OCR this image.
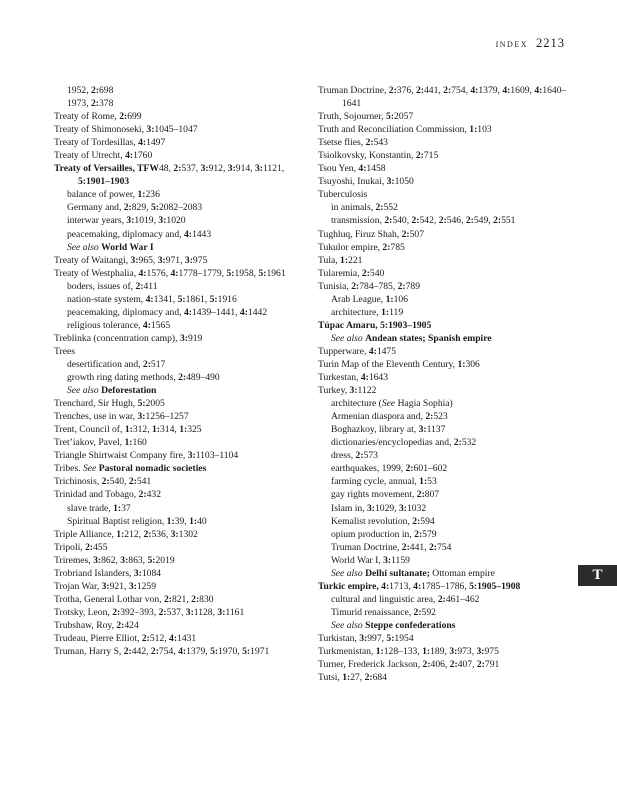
index 2213

1952, 2:698

1973, 2:378

Treaty of Rome, 2:699

Treaty of Shimonoseki, 3:1045–1047

Treaty of Tordesillas, 4:1497

Treaty of Utrecht, 4:1760

Treaty of Versailles, TFW48, 2:537, 3:912, 3:914, 3:1121, 5:1901–1903

balance of power, 1:236

Germany and, 2:829, 5:2082–2083

interwar years, 3:1019, 3:1020

peacemaking, diplomacy and, 4:1443

See also World War I

Treaty of Waitangi, 3:965, 3:971, 3:975

Treaty of Westphalia, 4:1576, 4:1778–1779, 5:1958, 5:1961

boders, issues of, 2:411

nation-state system, 4:1341, 5:1861, 5:1916

peacemaking, diplomacy and, 4:1439–1441, 4:1442

religious tolerance, 4:1565

Treblinka (concentration camp), 3:919

Trees

desertification and, 2:517

growth ring dating methods, 2:489–490

See also Deforestation

Trenchard, Sir Hugh, 5:2005

Trenches, use in war, 3:1256–1257

Trent, Council of, 1:312, 1:314, 1:325

Tret’iakov, Pavel, 1:160

Triangle Shirtwaist Company fire, 3:1103–1104

Tribes. See Pastoral nomadic societies

Trichinosis, 2:540, 2:541

Trinidad and Tobago, 2:432

slave trade, 1:37

Spiritual Baptist religion, 1:39, 1:40

Triple Alliance, 1:212, 2:536, 3:1302

Tripoli, 2:455

Triremes, 3:862, 3:863, 5:2019

Trobriand Islanders, 3:1084

Trojan War, 3:921, 3:1259

Trotha, General Lothar von, 2:821, 2:830

Trotsky, Leon, 2:392–393, 2:537, 3:1128, 3:1161

Trubshaw, Roy, 2:424

Trudeau, Pierre Elliot, 2:512, 4:1431

Truman, Harry S, 2:442, 2:754, 4:1379, 5:1970, 5:1971

Truman Doctrine, 2:376, 2:441, 2:754, 4:1379, 4:1609, 4:1640–1641

Truth, Sojourner, 5:2057

Truth and Reconciliation Commission, 1:103

Tsetse flies, 2:543

Tsiolkovsky, Konstantin, 2:715

Tsou Yen, 4:1458

Tsuyoshi, Inukai, 3:1050

Tuberculosis

in animals, 2:552

transmission, 2:540, 2:542, 2:546, 2:549, 2:551

Tughluq, Firuz Shah, 2:507

Tukulor empire, 2:785

Tula, 1:221

Tularemia, 2:540

Tunisia, 2:784–785, 2:789

Arab League, 1:106

architecture, 1:119

Túpac Amaru, 5:1903–1905

See also Andean states; Spanish empire

Tupperware, 4:1475

Turin Map of the Eleventh Century, 1:306

Turkestan, 4:1643

Turkey, 3:1122

architecture (See Hagia Sophia)

Armenian diaspora and, 2:523

Boghazkoy, library at, 3:1137

dictionaries/encyclopedias and, 2:532

dress, 2:573

earthquakes, 1999, 2:601–602

farming cycle, annual, 1:53

gay rights movement, 2:807

Islam in, 3:1029, 3:1032

Kemalist revolution, 2:594

opium production in, 2:579

Truman Doctrine, 2:441, 2:754

World War I, 3:1159

See also Delhi sultanate; Ottoman empire

Turkic empire, 4:1713, 4:1785–1786, 5:1905–1908

cultural and linguistic area, 2:461–462

Timurid renaissance, 2:592

See also Steppe confederations

Turkistan, 3:997, 5:1954

Turkmenistan, 1:128–133, 1:189, 3:973, 3:975

Turner, Frederick Jackson, 2:406, 2:407, 2:791

Tutsi, 1:27, 2:684

T
